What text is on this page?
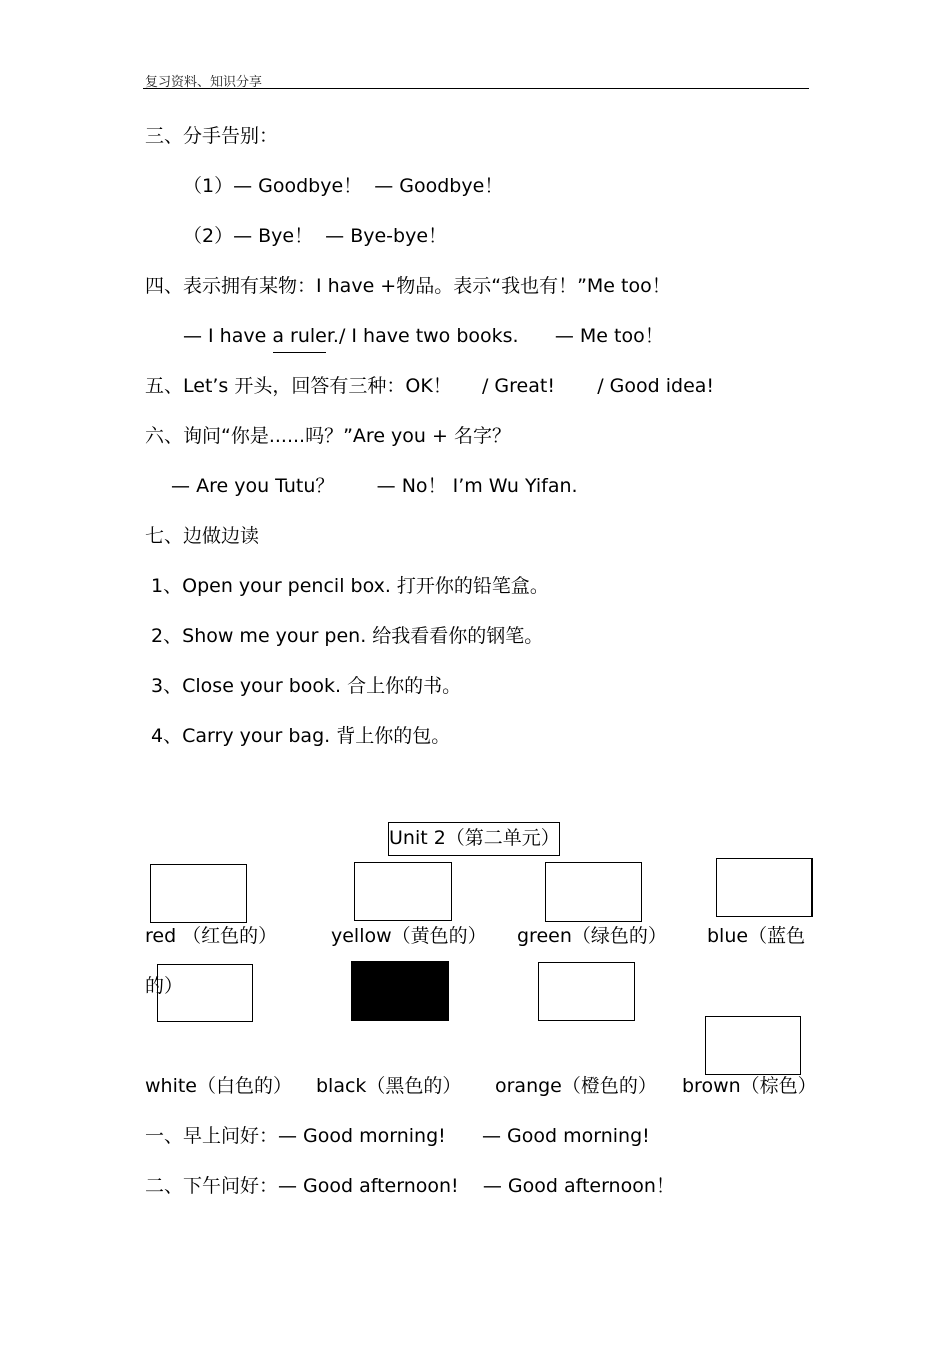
复习资料、知识分享
三、分手告别：
（1）— Goodbye！  — Goodbye！
（2）— Bye！  — Bye-bye！
四、表示拥有某物：I have +物品。表示“我也有！”Me too！
— I have a ruler./ I have two books.      — Me too！
五、Let’s 开头，回答有三种：OK！     / Great!       / Good idea!
六、询问“你是......吗？”Are you + 名字？
— Are you Tutu？       — No！ I’m Wu Yifan.
七、边做边读
1、Open your pencil box. 打开你的铅笔盒。
2、Show me your pen. 给我看看你的钢笔。
3、Close your book. 合上你的书。
4、Carry your bag. 背上你的包。
Unit 2（第二单元）
red （红色的）	yellow（黄色的） green（绿色的） blue（蓝色
的）
white（白色的） black（黑色的） orange（橙色的） brown（棕色）
一、早上问好：— Good morning!      — Good morning!
二、下午问好：— Good afternoon!    — Good afternoon！
